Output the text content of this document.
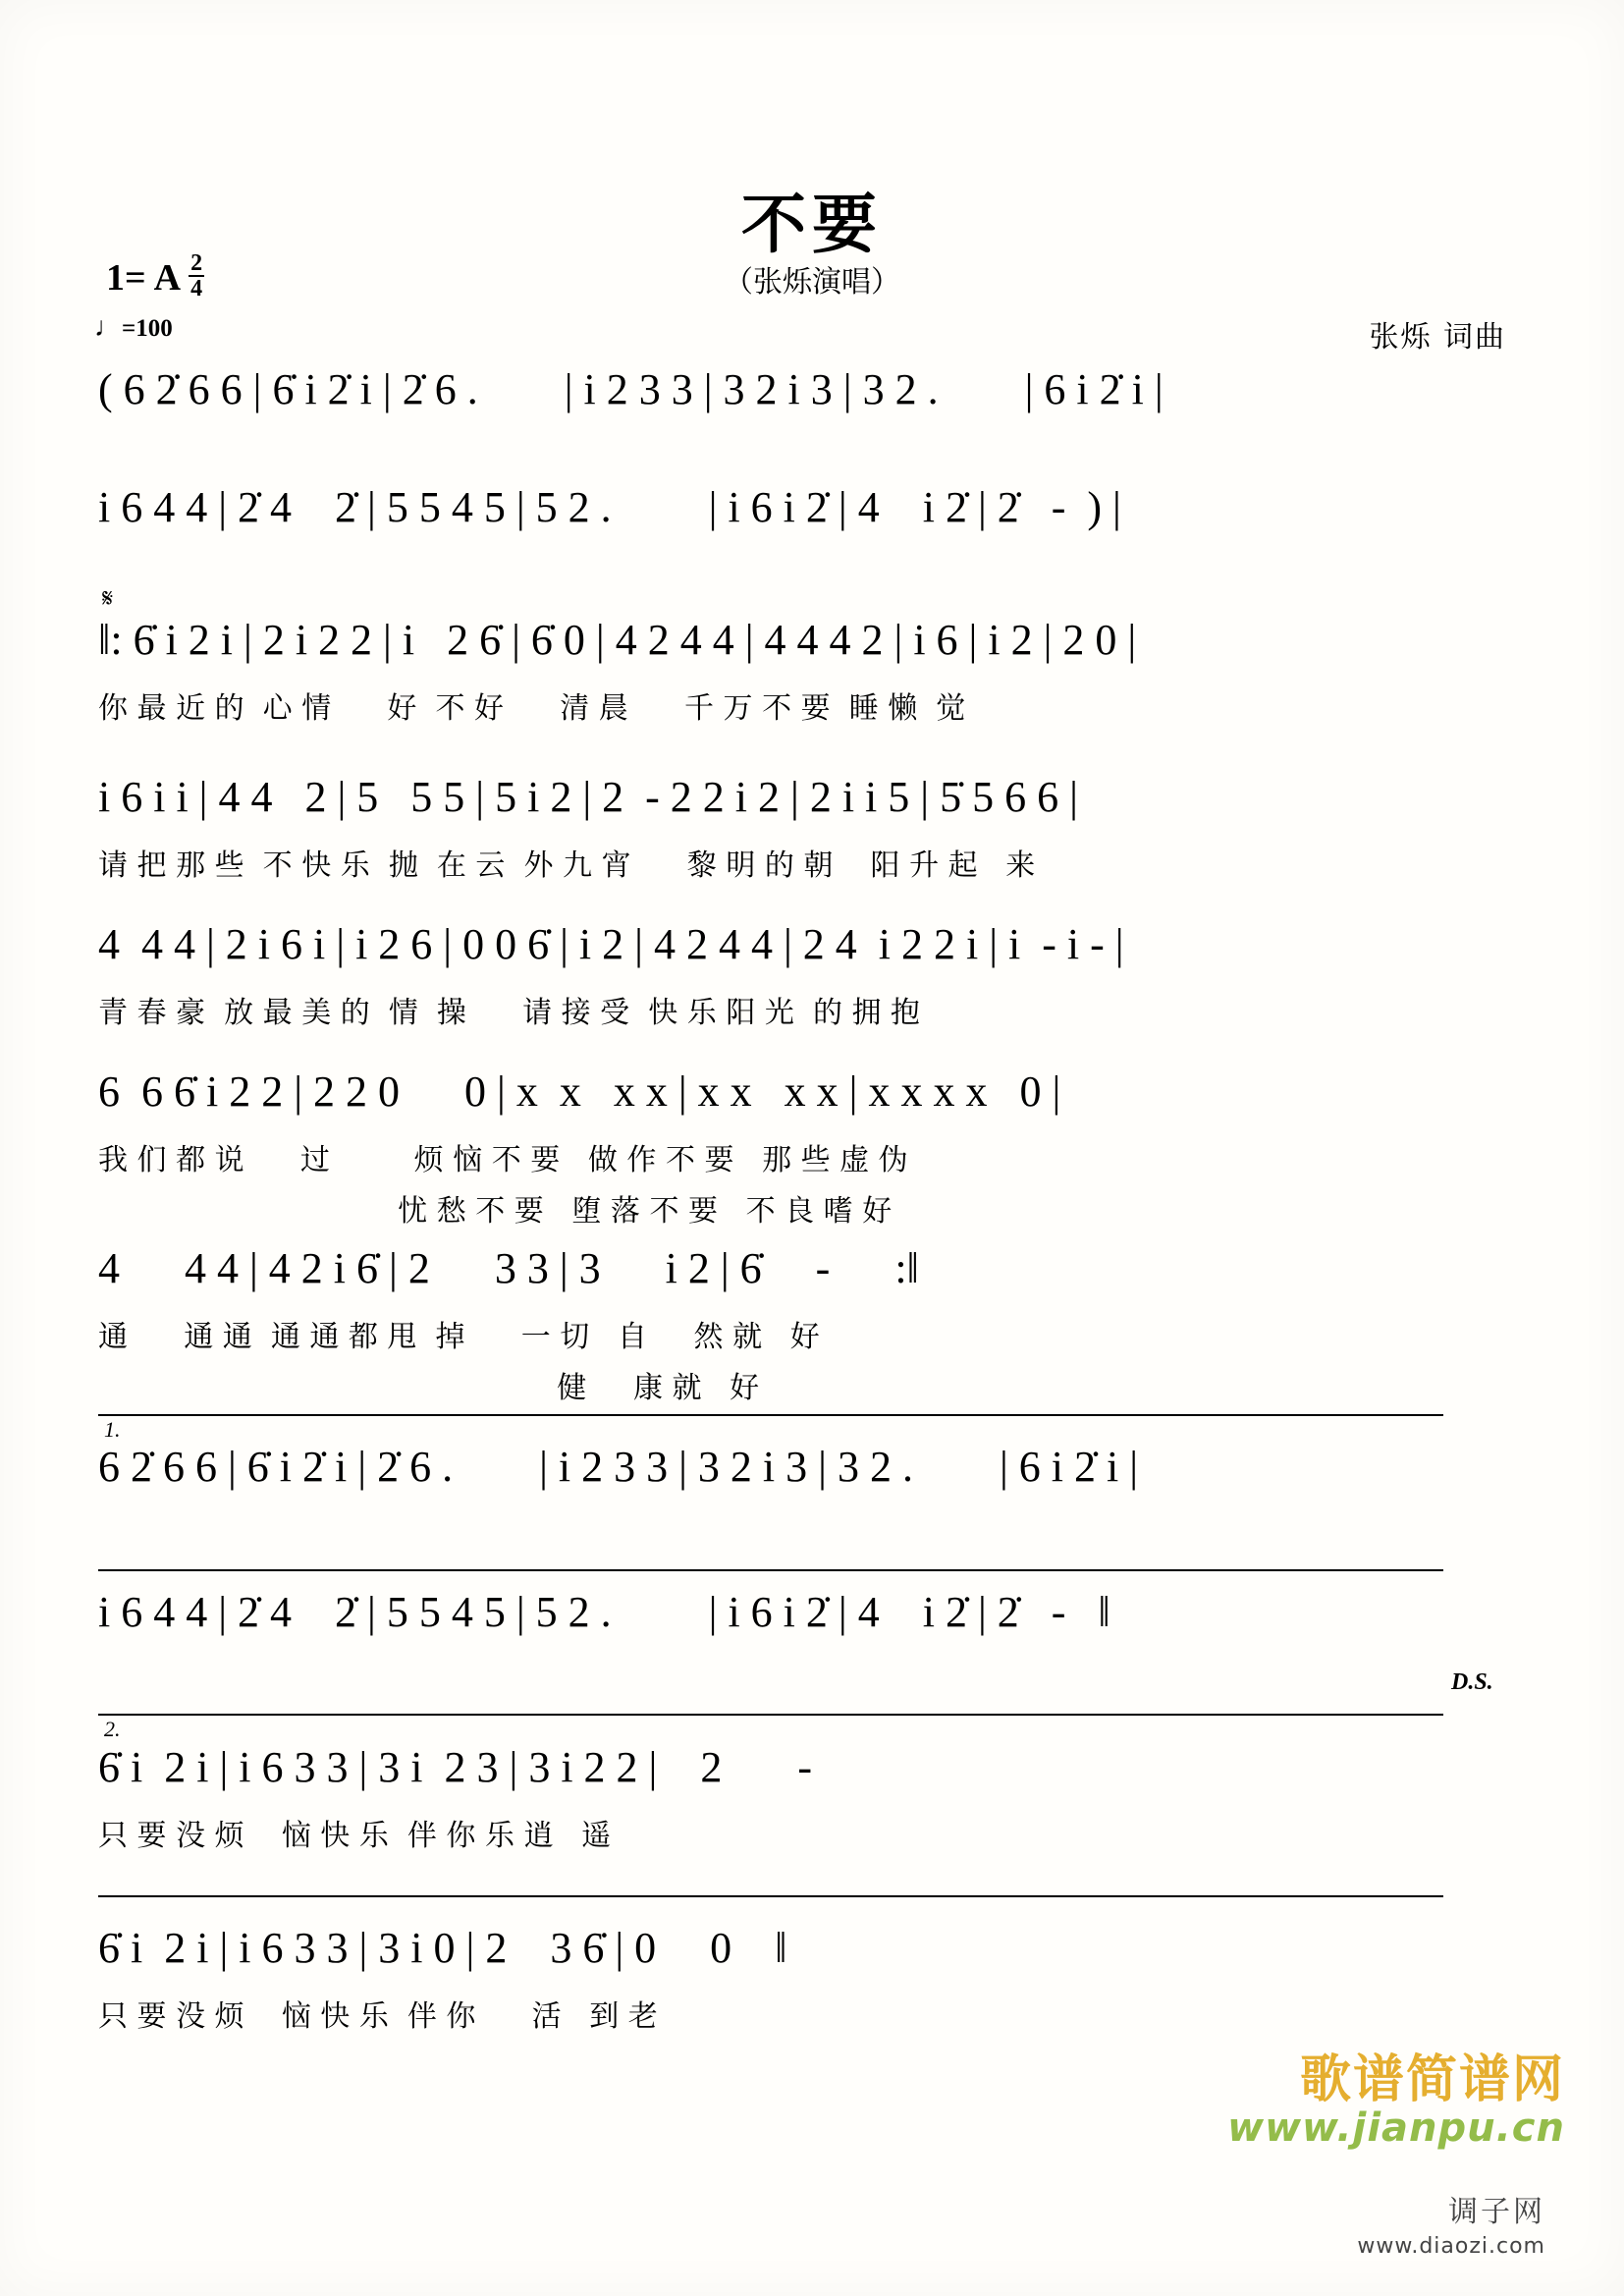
1= A $\frac{2}{4}$
♩=100
不要
（张烁演唱）
张烁 词曲
( 6 2̇ 6 6 | 6̇ i 2̇ i | 2̇ 6 .        | i 2 3 3 | 3 2 i 3 | 3 2 .        | 6 i 2̇ i |
i 6 4 4 | 2̇ 4    2̇ | 5 5 4 5 | 5 2 .         | i 6 i 2̇ | 4    i 2̇ | 2̇   -  ) |
𝄋
‖: 6̇ i 2 i | 2 i 2 2 | i   2 6̇ | 6̇ 0 | 4 2 4 4 | 4 4 4 2 | i 6 | i 2 | 2 0 |
你 最 近 的  心 情      好  不 好      清 晨      千 万 不 要  睡 懒  觉
i 6 i i | 4 4   2 | 5   5 5 | 5 i 2 | 2  - 2 2 i 2 | 2 i i 5 | 5̇ 5 6 6 |
请 把 那 些  不 快 乐  抛  在 云  外 九 宵      黎 明 的 朝    阳 升 起   来
4  4 4 | 2 i 6 i | i 2 6 | 0 0 6̇ | i 2 | 4 2 4 4 | 2 4  i 2 2 i | i  - i - |
青 春 豪  放 最 美 的  情  操      请 接 受  快 乐 阳 光  的 拥 抱
6  6 6̇ i 2 2 | 2 2 0      0 | x  x   x x | x x   x x | x x x x   0 |
我 们 都 说      过         烦 恼 不 要   做 作 不 要   那 些 虚 伪
忧 愁 不 要   堕 落 不 要   不 良 嗜 好
4      4 4 | 4 2 i 6̇ | 2      3 3 | 3      i 2 | 6̇     -      :‖
通      通 通  通 通 都 甩  掉      一 切   自     然 就   好
健     康 就   好
1.
6 2̇ 6 6 | 6̇ i 2̇ i | 2̇ 6 .        | i 2 3 3 | 3 2 i 3 | 3 2 .        | 6 i 2̇ i |
i 6 4 4 | 2̇ 4    2̇ | 5 5 4 5 | 5 2 .         | i 6 i 2̇ | 4    i 2̇ | 2̇   -   ‖
D.S.
2.
6̇ i  2 i | i 6 3 3 | 3 i  2 3 | 3 i 2 2 |    2       -
只 要 没 烦    恼 快 乐  伴 你 乐 逍   遥
6̇ i  2 i | i 6 3 3 | 3 i 0 | 2    3 6̇ | 0     0    ‖
只 要 没 烦    恼 快 乐  伴 你      活   到 老
歌谱简谱网
www.jianpu.cn
调子网
www.diaozi.com
